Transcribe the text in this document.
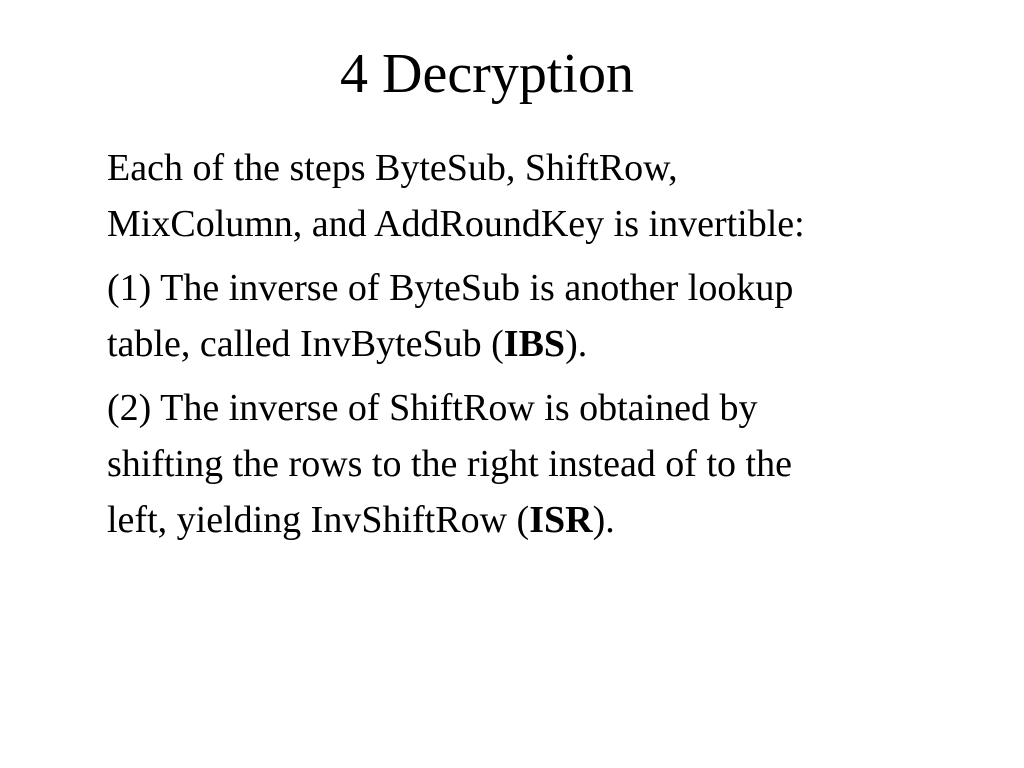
4 Decryption

Each of the steps ByteSub, ShiftRow,
MixColumn, and AddRoundKey is invertible:

(1) The inverse of ByteSub is another lookup
table, called InvByteSub (IBS).

(2) The inverse of ShiftRow is obtained by
shifting the rows to the right instead of to the
left, yielding InvShiftRow (ISR).
